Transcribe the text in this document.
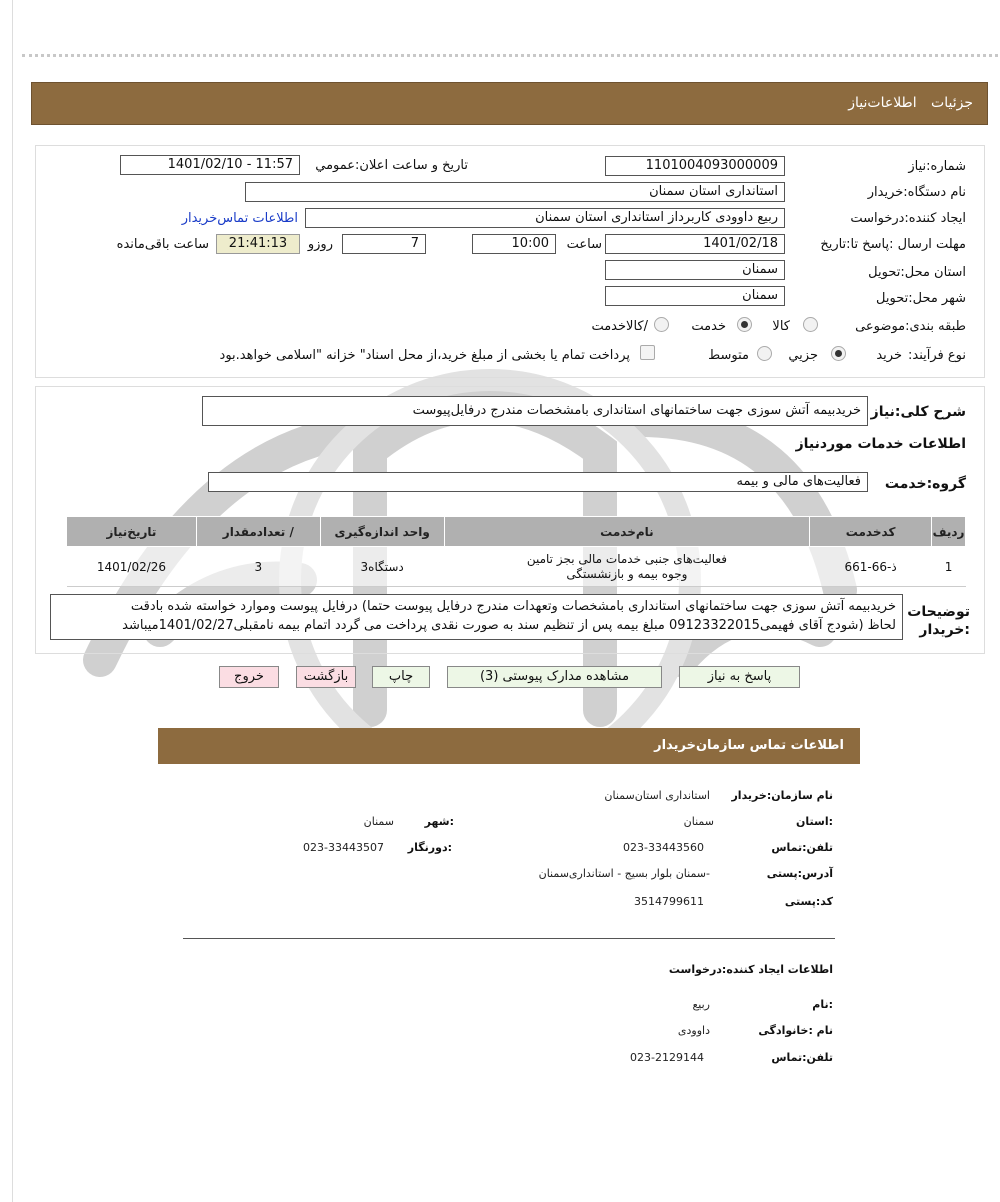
جزئیات اطلاعات‌نیاز
شماره:نیاز
1101004093000009
تاریخ و ساعت اعلان:عمومي
1401/02/10 - 11:57
نام دستگاه:خریدار
استانداری استان سمنان
ایجاد کننده:درخواست
ربیع داوودی کاربرداز استانداری استان سمنان
اطلاعات تماس‌خریدار
مهلت ارسال :پاسخ تا:تاریخ
1401/02/18
ساعت
10:00
7
روزو
21:41:13
ساعت باقی‌مانده
استان محل:تحویل
سمنان
شهر محل:تحویل
سمنان
طبقه بندی:موضوعی
کالا
خدمت
/کالاخدمت
نوع فرآیند:
خرید
جزیي
متوسط
پرداخت تمام یا بخشی از مبلغ خرید،از محل اسناد" خزانه "اسلامی خواهد.بود
شرح کلی:نیاز
خریدبیمه آتش سوزی جهت ساختمانهای استانداری بامشخصات مندرج درفایل‌پیوست
اطلاعات خدمات موردنیاز
گروه:خدمت
فعالیت‌های مالی و بیمه
ردیف	کدخدمت	نام‌خدمت	واحد اندازه‌گیری	/ تعدادمقدار	تاریخ‌نیاز
1	ذ-66-661	فعالیت‌های جنبی خدمات مالی بجز تامین وجوه بیمه و بازنشستگی	دستگاه3	3	1401/02/26
توضیحات :خریدار
خریدبیمه آتش سوزی جهت ساختمانهای استانداری بامشخصات وتعهدات مندرج درفایل پیوست حتما) درفایل پیوست وموارد خواسته شده بادقت
لحاظ (شودج آقای فهیمی09123322015 مبلغ بیمه پس از تنظیم سند به صورت نقدی پرداخت می گردد اتمام بیمه نامقبلی1401/02/27میباشد
پاسخ به نیاز
مشاهده مدارک پیوستی (3)
چاپ
بازگشت
خروج
اطلاعات تماس سازمان‌خریدار
نام سازمان:خریدار
استانداری استان‌سمنان
:استان
سمنان
:شهر
سمنان
تلفن:تماس
023-33443560
:دورنگار
023-33443507
آدرس:پستی
-سمنان بلوار بسیج - استانداری‌سمنان
کد:پستی
3514799611
اطلاعات ایجاد کننده:درخواست
:نام
ربیع
نام :خانوادگی
داوودی
تلفن:تماس
023-2129144
